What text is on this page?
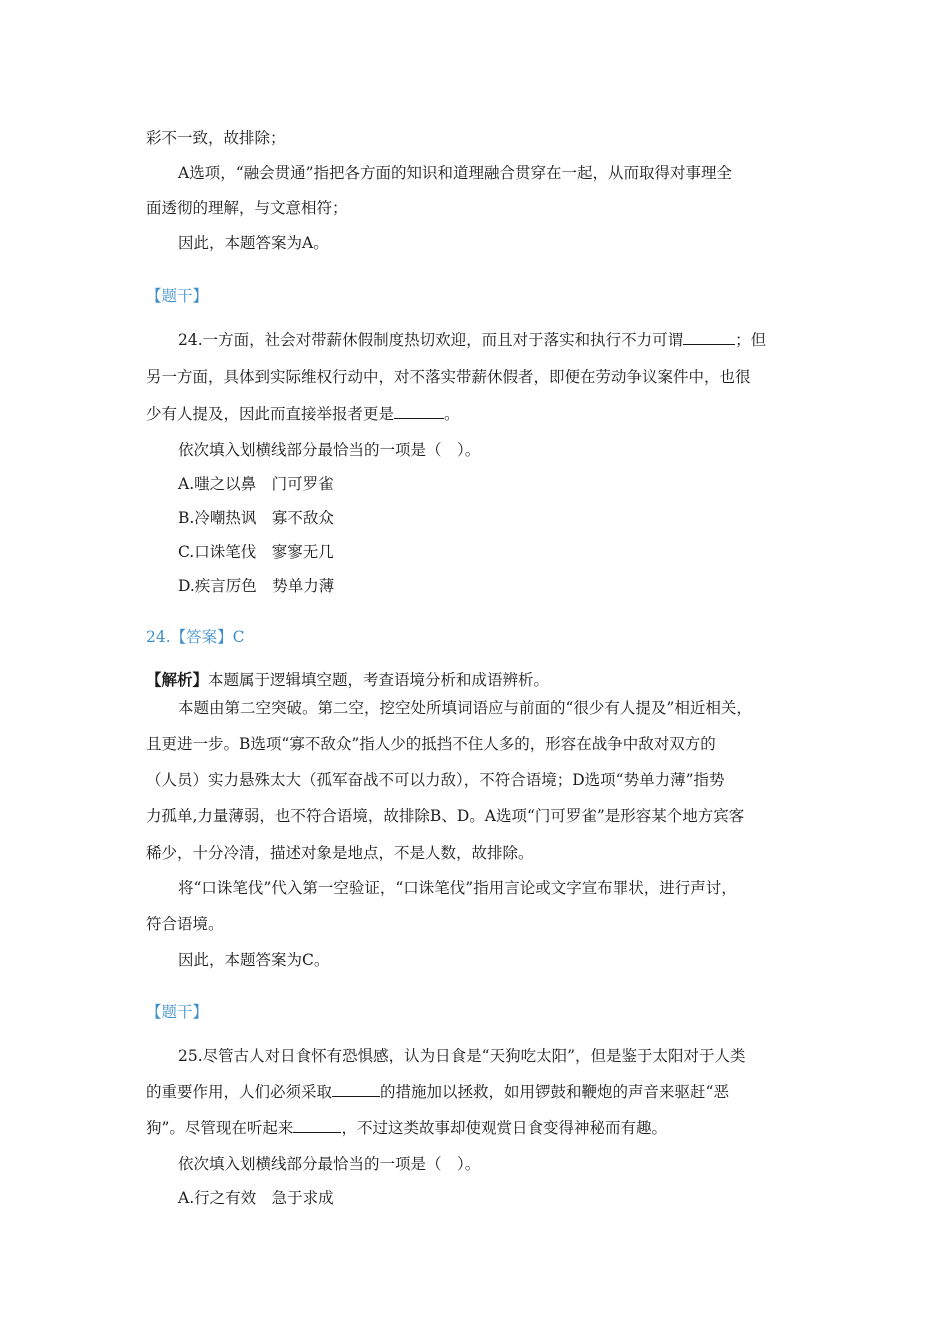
彩不一致，故排除；
A选项，“融会贯通”指把各方面的知识和道理融合贯穿在一起，从而取得对事理全
面透彻的理解，与文意相符；
因此，本题答案为A。
【题干】
24.一方面，社会对带薪休假制度热切欢迎，而且对于落实和执行不力可谓	；但
另一方面，具体到实际维权行动中，对不落实带薪休假者，即便在劳动争议案件中，也很
少有人提及，因此而直接举报者更是	。
依次填入划横线部分最恰当的一项是（　）。
A.嗤之以鼻　门可罗雀
B.冷嘲热讽　寡不敌众
C.口诛笔伐　寥寥无几
D.疾言厉色　势单力薄
24.【答案】C
【解析】本题属于逻辑填空题，考查语境分析和成语辨析。
本题由第二空突破。第二空，挖空处所填词语应与前面的“很少有人提及”相近相关，
且更进一步。B选项“寡不敌众”指人少的抵挡不住人多的，形容在战争中敌对双方的
（人员）实力悬殊太大（孤军奋战不可以力敌），不符合语境；D选项“势单力薄”指势
力孤单,力量薄弱，也不符合语境，故排除B、D。A选项“门可罗雀”是形容某个地方宾客
稀少，十分冷清，描述对象是地点，不是人数，故排除。
将“口诛笔伐”代入第一空验证，“口诛笔伐”指用言论或文字宣布罪状，进行声讨，
符合语境。
因此，本题答案为C。
【题干】
25.尽管古人对日食怀有恐惧感，认为日食是“天狗吃太阳”，但是鉴于太阳对于人类
的重要作用，人们必须采取	的措施加以拯救，如用锣鼓和鞭炮的声音来驱赶“恶
狗”。尽管现在听起来	，不过这类故事却使观赏日食变得神秘而有趣。
依次填入划横线部分最恰当的一项是（　）。
A.行之有效　急于求成
